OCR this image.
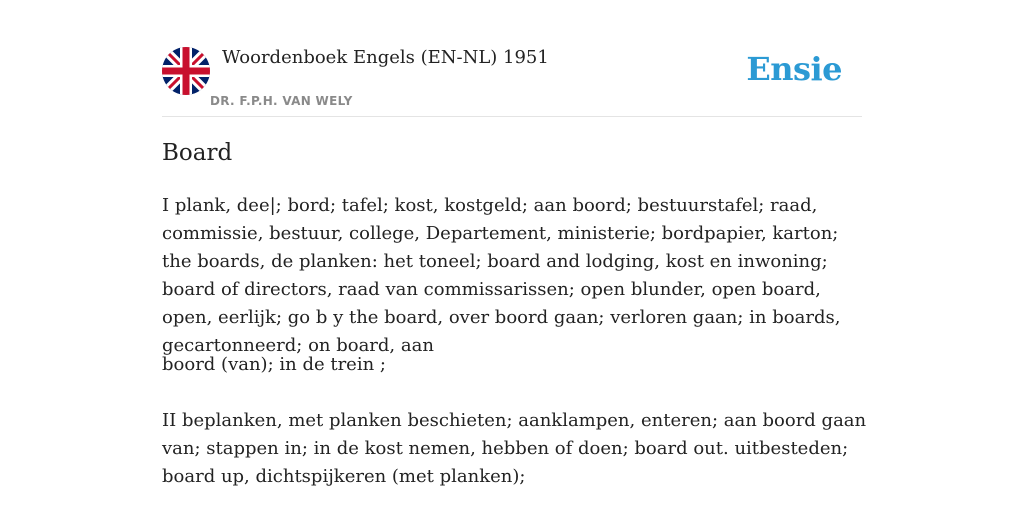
Woordenboek Engels (EN-NL) 1951
DR. F.P.H. VAN WELY
Ensie
Board

I plank, dee|; bord; tafel; kost, kostgeld; aan boord; bestuurstafel; raad, commissie, bestuur, college, Departement, ministerie; bordpapier, karton; the boards, de planken: het toneel; board and lodging, kost en inwoning; board of directors, raad van commissarissen; open blunder, open board, open, eerlijk; go b y the board, over boord gaan; verloren gaan; in boards, gecartonneerd; on board, aan

boord (van); in de trein ;

II beplanken, met planken beschieten; aanklampen, enteren; aan boord gaan van; stappen in; in de kost nemen, hebben of doen; board out. uitbesteden; board up, dichtspijkeren (met planken);
